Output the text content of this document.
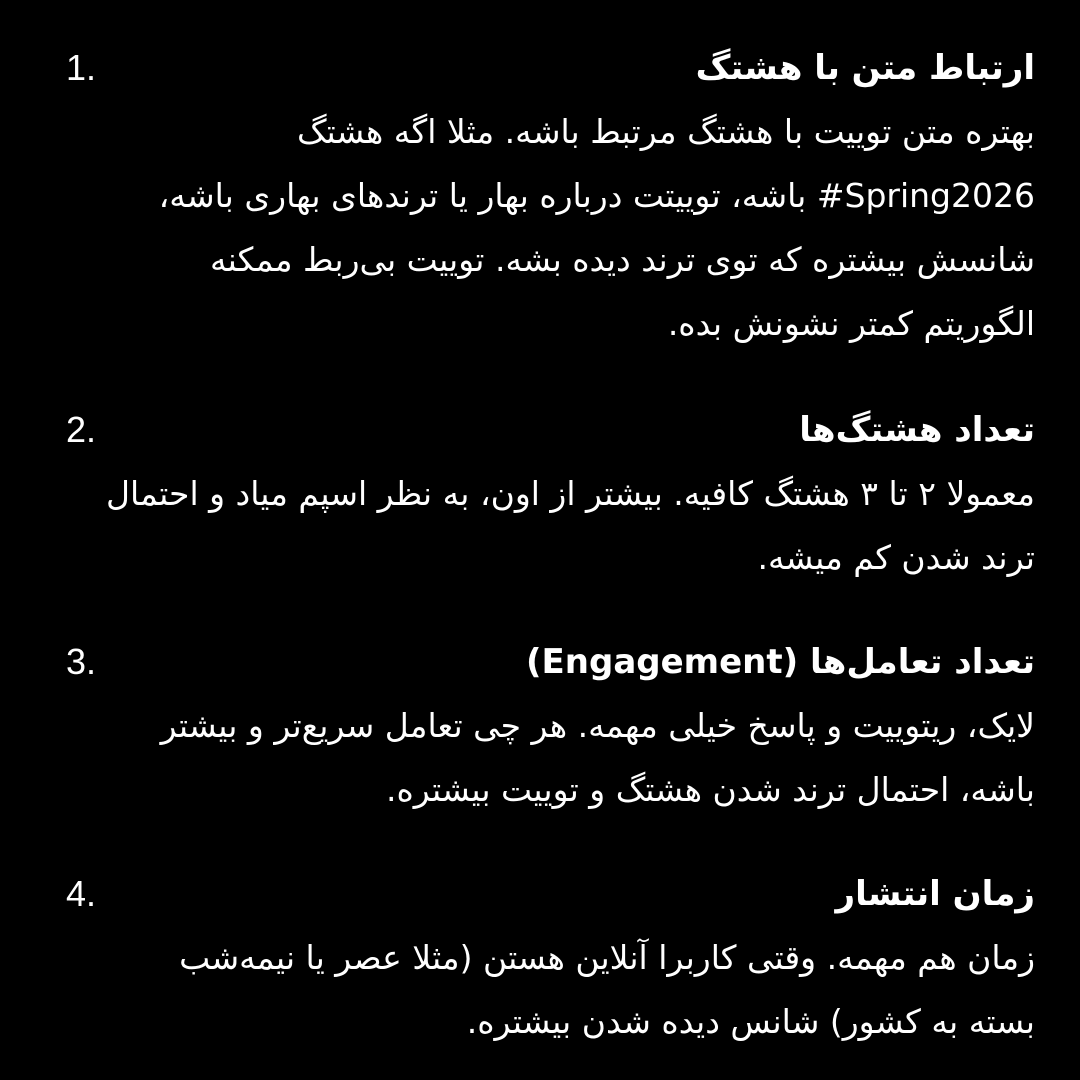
1.	ارتباط متن با هشتگ

بهتره متن توییت با هشتگ مرتبط باشه. مثلا اگه هشتگ ‎#Spring2026‏ باشه، توییتت درباره بهار یا ترندهای بهاری باشه، شانسش بیشتره که توی ترند دیده بشه. توییت بی‌ربط ممکنه الگوریتم کمتر نشونش بده.

2.	تعداد هشتگ‌ها

معمولا ۲ تا ۳ هشتگ کافیه. بیشتر از اون، به نظر اسپم میاد و احتمال ترند شدن کم میشه.

3.	تعداد تعامل‌ها (Engagement)

لایک، ریتوییت و پاسخ خیلی مهمه. هر چی تعامل سریع‌تر و بیشتر باشه، احتمال ترند شدن هشتگ و توییت بیشتره.

4.	زمان انتشار

زمان هم مهمه. وقتی کاربرا آنلاین هستن (مثلا عصر یا نیمه‌شب بسته به کشور) شانس دیده شدن بیشتره.
